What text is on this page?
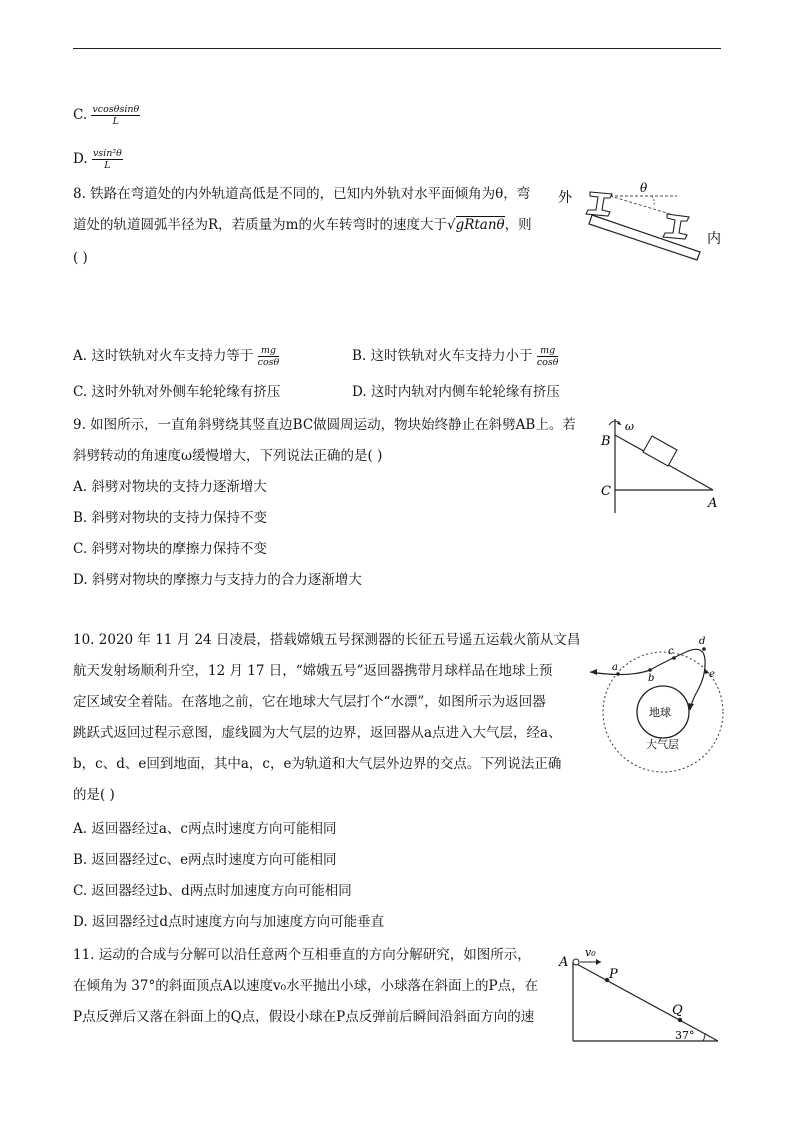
C. $\frac{vcos\theta\sin\theta}{L}$
D. $\frac{\text{vsin²θ}}{L}$
8. 铁路在弯道处的内外轨道高低是不同的，已知内外轨对水平面倾角为θ，弯
道处的轨道圆弧半径为R，若质量为m的火车转弯时的速度大于√gRtanθ，则
( )
A. 这时铁轨对火车支持力等于 $\frac{mg}{\cos\theta}$	B. 这时铁轨对火车支持力小于 $\frac{mg}{\cos\theta}$
C. 这时外轨对外侧车轮轮缘有挤压	D. 这时内轨对内侧车轮轮缘有挤压
外
内
θ
9. 如图所示，一直角斜劈绕其竖直边BC做圆周运动，物块始终静止在斜劈AB上。若
斜劈转动的角速度ω缓慢增大，下列说法正确的是( )
A. 斜劈对物块的支持力逐渐增大
B. 斜劈对物块的支持力保持不变
C. 斜劈对物块的摩擦力保持不变
D. 斜劈对物块的摩擦力与支持力的合力逐渐增大
ω
B
C
A
10. 2020 年 11 月 24 日凌晨，搭载嫦娥五号探测器的长征五号遥五运载火箭从文昌
航天发射场顺利升空，12 月 17 日，“嫦娥五号”返回器携带月球样品在地球上预
定区域安全着陆。在落地之前，它在地球大气层打个“水漂”，如图所示为返回器
跳跃式返回过程示意图，虚线圆为大气层的边界，返回器从a点进入大气层，经a、
b，c、d、e回到地面，其中a，c，e为轨道和大气层外边界的交点。下列说法正确
的是( )
A. 返回器经过a、c两点时速度方向可能相同
B. 返回器经过c、e两点时速度方向可能相同
C. 返回器经过b、d两点时加速度方向可能相同
D. 返回器经过d点时速度方向与加速度方向可能垂直
地球
大气层
a
b
c
d
e
11. 运动的合成与分解可以沿任意两个互相垂直的方向分解研究，如图所示，
在倾角为 37°的斜面顶点A以速度v₀水平抛出小球，小球落在斜面上的P点，在
P点反弹后又落在斜面上的Q点，假设小球在P点反弹前后瞬间沿斜面方向的速
A
v₀
P
Q
37°
